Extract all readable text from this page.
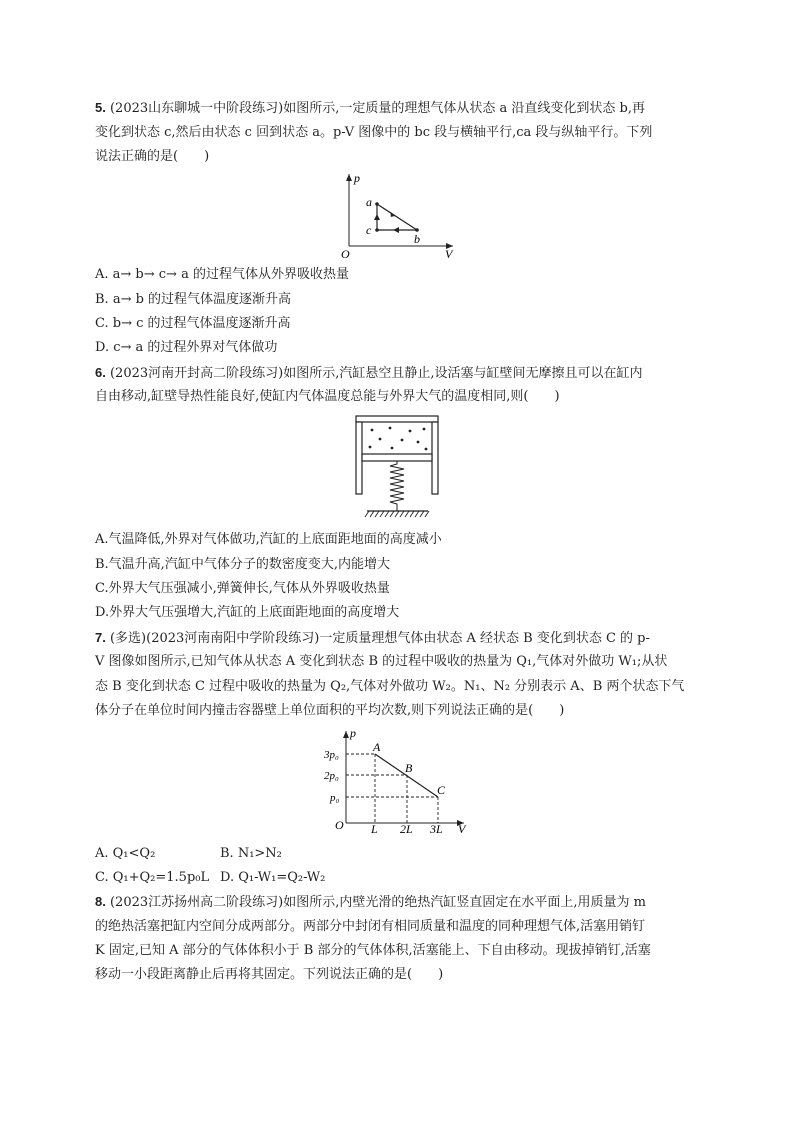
5. (2023山东聊城一中阶段练习)如图所示,一定质量的理想气体从状态 a 沿直线变化到状态 b,再
变化到状态 c,然后由状态 c 回到状态 a。p-V 图像中的 bc 段与横轴平行,ca 段与纵轴平行。下列
说法正确的是(　　)
p
V
O
a
b
c
A. a→ b→ c→ a 的过程气体从外界吸收热量
B. a→ b 的过程气体温度逐渐升高
C. b→ c 的过程气体温度逐渐升高
D. c→ a 的过程外界对气体做功
6. (2023河南开封高二阶段练习)如图所示,汽缸悬空且静止,设活塞与缸壁间无摩擦且可以在缸内
自由移动,缸壁导热性能良好,使缸内气体温度总能与外界大气的温度相同,则(　　)
A.气温降低,外界对气体做功,汽缸的上底面距地面的高度减小
B.气温升高,汽缸中气体分子的数密度变大,内能增大
C.外界大气压强减小,弹簧伸长,气体从外界吸收热量
D.外界大气压强增大,汽缸的上底面距地面的高度增大
7. (多选)(2023河南南阳中学阶段练习)一定质量理想气体由状态 A 经状态 B 变化到状态 C 的 p-
V 图像如图所示,已知气体从状态 A 变化到状态 B 的过程中吸收的热量为 Q₁,气体对外做功 W₁;从状
态 B 变化到状态 C 过程中吸收的热量为 Q₂,气体对外做功 W₂。N₁、N₂ 分别表示 A、B 两个状态下气
体分子在单位时间内撞击容器壁上单位面积的平均次数,则下列说法正确的是(　　)
p
V
O
A
B
C
3p₀
2p₀
p₀
L 2L 3L
A. Q₁<Q₂	B. N₁>N₂
C. Q₁+Q₂=1.5p₀L D. Q₁-W₁=Q₂-W₂
8. (2023江苏扬州高二阶段练习)如图所示,内壁光滑的绝热汽缸竖直固定在水平面上,用质量为 m
的绝热活塞把缸内空间分成两部分。两部分中封闭有相同质量和温度的同种理想气体,活塞用销钉
K 固定,已知 A 部分的气体体积小于 B 部分的气体体积,活塞能上、下自由移动。现拔掉销钉,活塞
移动一小段距离静止后再将其固定。下列说法正确的是(　　)
